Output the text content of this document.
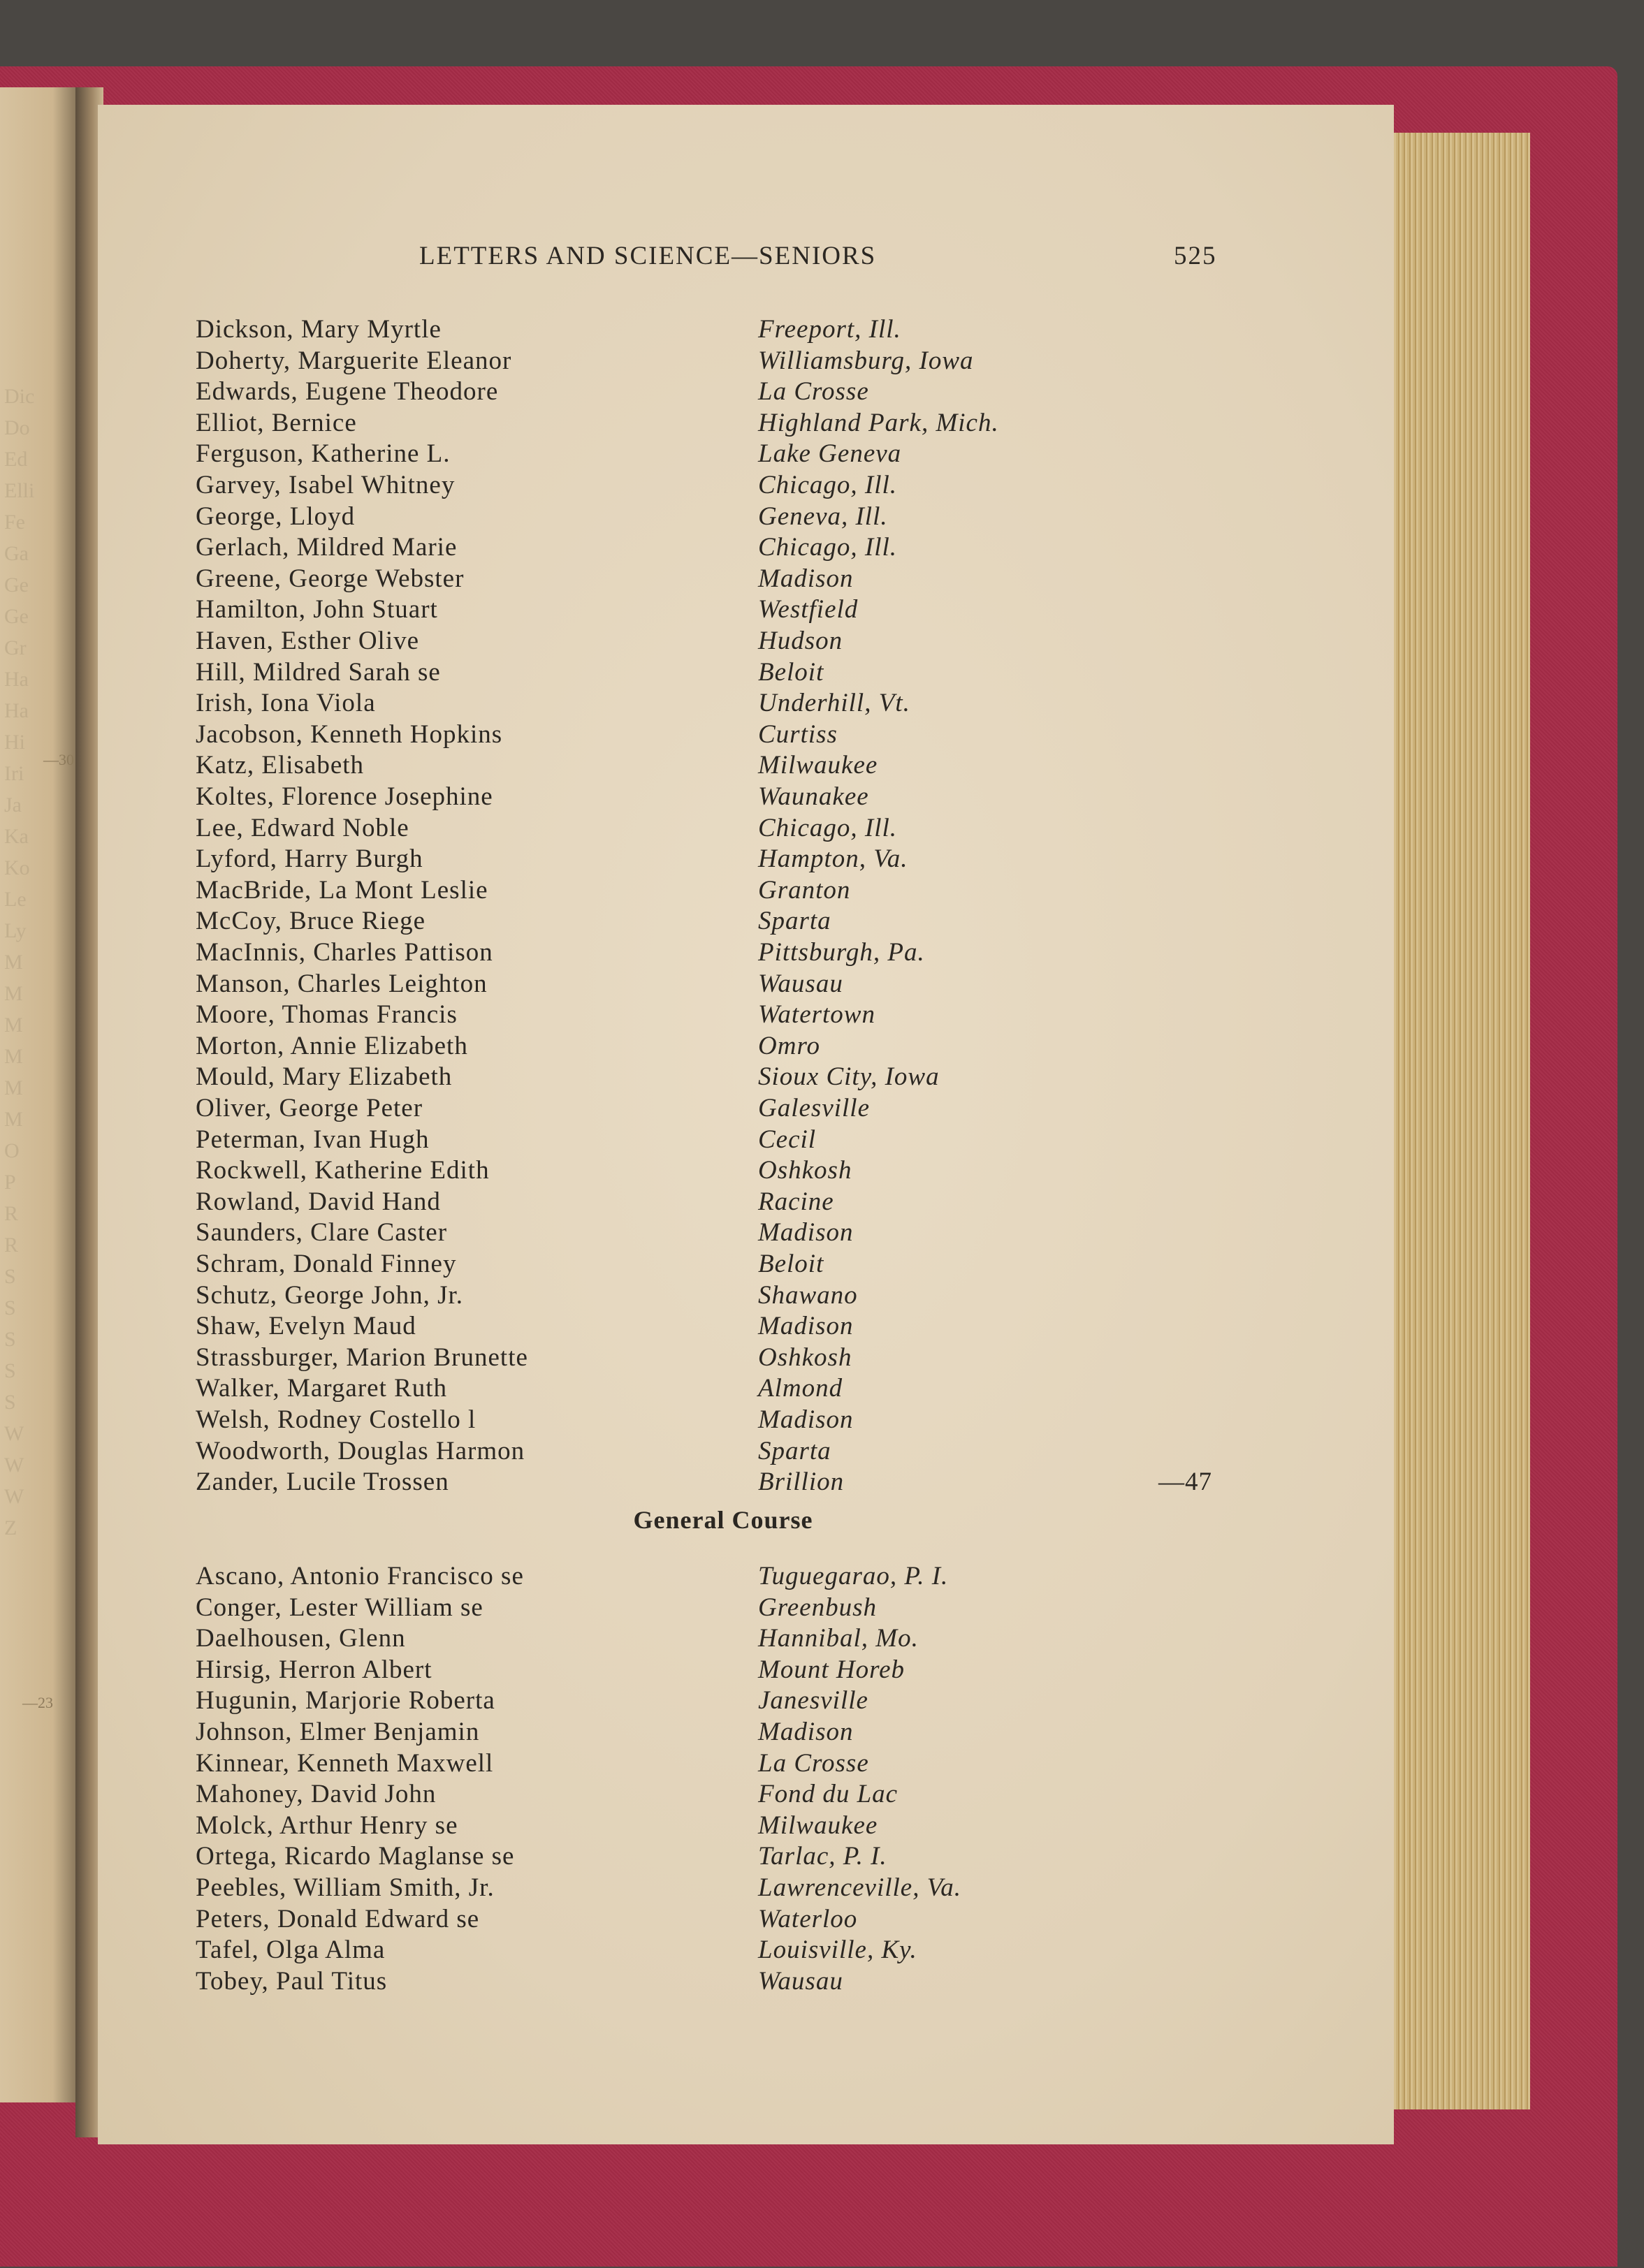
Dic
Do
Ed
Elli
Fe
Ga
Ge
Ge
Gr
Ha
Ha
Hi
Iri
Ja
Ka
Ko
Le
Ly
M
M
M
M
M
M
O
P
R
R
S
S
S
S
S
W
W
W
Z
—30
—23
LETTERS AND SCIENCE—SENIORS	525
Dickson, Mary Myrtle	Freeport, Ill.
Doherty, Marguerite Eleanor	Williamsburg, Iowa
Edwards, Eugene Theodore	La Crosse
Elliot, Bernice	Highland Park, Mich.
Ferguson, Katherine L.	Lake Geneva
Garvey, Isabel Whitney	Chicago, Ill.
George, Lloyd	Geneva, Ill.
Gerlach, Mildred Marie	Chicago, Ill.
Greene, George Webster	Madison
Hamilton, John Stuart	Westfield
Haven, Esther Olive	Hudson
Hill, Mildred Sarah se	Beloit
Irish, Iona Viola	Underhill, Vt.
Jacobson, Kenneth Hopkins	Curtiss
Katz, Elisabeth	Milwaukee
Koltes, Florence Josephine	Waunakee
Lee, Edward Noble	Chicago, Ill.
Lyford, Harry Burgh	Hampton, Va.
MacBride, La Mont Leslie	Granton
McCoy, Bruce Riege	Sparta
MacInnis, Charles Pattison	Pittsburgh, Pa.
Manson, Charles Leighton	Wausau
Moore, Thomas Francis	Watertown
Morton, Annie Elizabeth	Omro
Mould, Mary Elizabeth	Sioux City, Iowa
Oliver, George Peter	Galesville
Peterman, Ivan Hugh	Cecil
Rockwell, Katherine Edith	Oshkosh
Rowland, David Hand	Racine
Saunders, Clare Caster	Madison
Schram, Donald Finney	Beloit
Schutz, George John, Jr.	Shawano
Shaw, Evelyn Maud	Madison
Strassburger, Marion Brunette	Oshkosh
Walker, Margaret Ruth	Almond
Welsh, Rodney Costello l	Madison
Woodworth, Douglas Harmon	Sparta
Zander, Lucile Trossen	Brillion	—47
General Course
Ascano, Antonio Francisco se	Tuguegarao, P. I.
Conger, Lester William se	Greenbush
Daelhousen, Glenn	Hannibal, Mo.
Hirsig, Herron Albert	Mount Horeb
Hugunin, Marjorie Roberta	Janesville
Johnson, Elmer Benjamin	Madison
Kinnear, Kenneth Maxwell	La Crosse
Mahoney, David John	Fond du Lac
Molck, Arthur Henry se	Milwaukee
Ortega, Ricardo Maglanse se	Tarlac, P. I.
Peebles, William Smith, Jr.	Lawrenceville, Va.
Peters, Donald Edward se	Waterloo
Tafel, Olga Alma	Louisville, Ky.
Tobey, Paul Titus	Wausau
